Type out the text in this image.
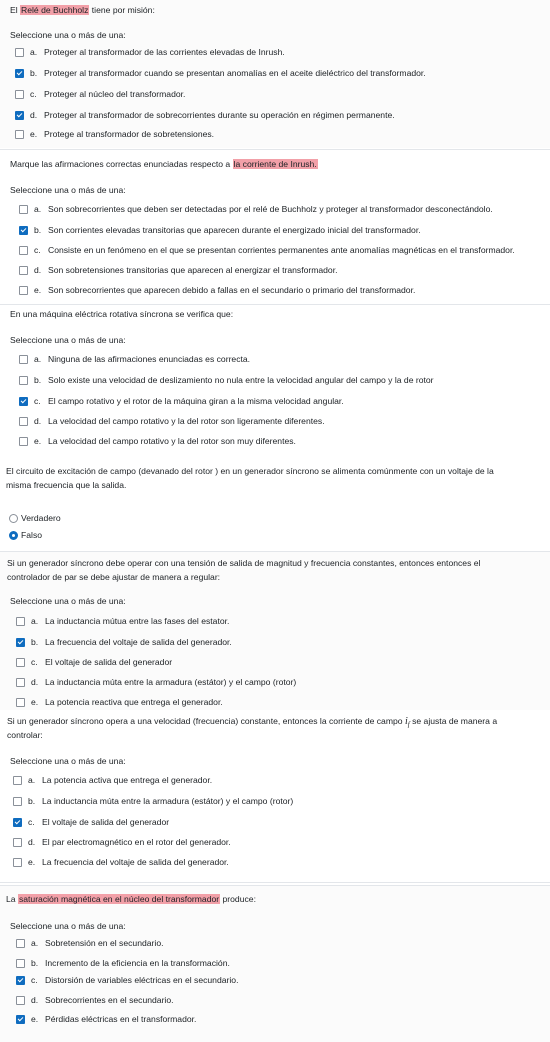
El Relé de Buchholz tiene por misión:
Seleccione una o más de una:
a. Proteger al transformador de las corrientes elevadas de Inrush.
b. Proteger al transformador cuando se presentan anomalías en el aceite dieléctrico del transformador.
c. Proteger al núcleo del transformador.
d. Proteger al transformador de sobrecorrientes durante su operación en régimen permanente.
e. Protege al transformador de sobretensiones.
Marque las afirmaciones correctas enunciadas respecto a la corriente de Inrush.
Seleccione una o más de una:
a. Son sobrecorrientes que deben ser detectadas por el relé de Buchholz y proteger al transformador desconectándolo.
b. Son corrientes elevadas transitorias que aparecen durante el energizado inicial del transformador.
c. Consiste en un fenómeno en el que se presentan corrientes permanentes ante anomalías magnéticas en el transformador.
d. Son sobretensiones transitorias que aparecen al energizar el transformador.
e. Son sobrecorrientes que aparecen debido a fallas en el secundario o primario del transformador.
En una máquina eléctrica rotativa síncrona se verifica que:
Seleccione una o más de una:
a. Ninguna de las afirmaciones enunciadas es correcta.
b. Solo existe una velocidad de deslizamiento no nula entre la velocidad angular del campo y la de rotor
c. El campo rotativo y el rotor de la máquina giran a la misma velocidad angular.
d. La velocidad del campo rotativo y la del rotor son ligeramente diferentes.
e. La velocidad del campo rotativo y la del rotor son muy diferentes.
El circuito de excitación de campo (devanado del rotor ) en un generador síncrono se alimenta comúnmente con un voltaje de la
misma frecuencia que la salida.
Verdadero
Falso
Si un generador síncrono debe operar con una tensión de salida de magnitud y frecuencia constantes, entonces entonces el
controlador de par se debe ajustar de manera a regular:
Seleccione una o más de una:
a. La inductancia mútua entre las fases del estator.
b. La frecuencia del voltaje de salida del generador.
c. El voltaje de salida del generador
d. La inductancia múta entre la armadura (estátor) y el campo (rotor)
e. La potencia reactiva que entrega el generador.
Si un generador síncrono opera a una velocidad (frecuencia) constante, entonces la corriente de campo $i_f$ se ajusta de manera a
controlar:
Seleccione una o más de una:
a. La potencia activa que entrega el generador.
b. La inductancia múta entre la armadura (estátor) y el campo (rotor)
c. El voltaje de salida del generador
d. El par electromagnético en el rotor del generador.
e. La frecuencia del voltaje de salida del generador.
La saturación magnética en el núcleo del transformador produce:
Seleccione una o más de una:
a. Sobretensión en el secundario.
b. Incremento de la eficiencia en la transformación.
c. Distorsión de variables eléctricas en el secundario.
d. Sobrecorrientes en el secundario.
e. Pérdidas eléctricas en el transformador.
